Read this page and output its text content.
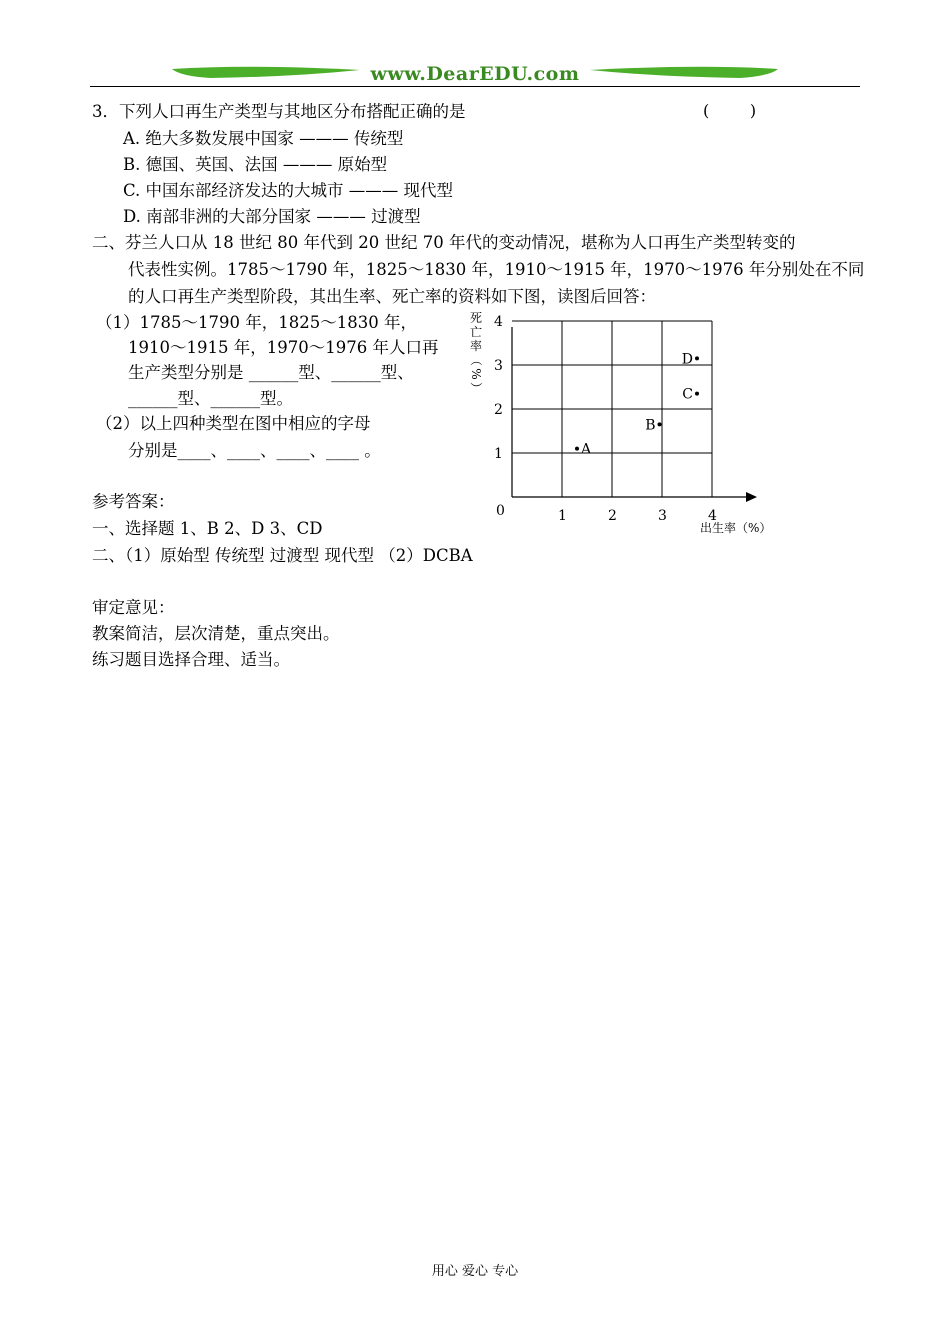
www.DearEDU.com
3．下列人口再生产类型与其地区分布搭配正确的是	(        )
A. 绝大多数发展中国家 ——— 传统型
B. 德国、英国、法国 ——— 原始型
C. 中国东部经济发达的大城市 ——— 现代型
D. 南部非洲的大部分国家 ——— 过渡型
二、芬兰人口从 18 世纪 80 年代到 20 世纪 70 年代的变动情况，堪称为人口再生产类型转变的
代表性实例。1785～1790 年，1825～1830 年，1910～1915 年，1970～1976 年分别处在不同
的人口再生产类型阶段，其出生率、死亡率的资料如下图，读图后回答：
（1）1785～1790 年，1825～1830 年，
1910～1915 年，1970～1976 年人口再
生产类型分别是 ______型、______型、
______型、______型。
（2）以上四种类型在图中相应的字母
分别是____、____、____、____ 。
1	2	3	4
1
2
3
4
A
B
C
D
0
出生率（%）
死
亡
率
（
%
）
参考答案：
一、选择题 1、B 2、D 3、CD
二、（1）原始型 传统型 过渡型 现代型 （2）DCBA
审定意见：
教案简洁，层次清楚，重点突出。
练习题目选择合理、适当。
用心 爱心 专心
